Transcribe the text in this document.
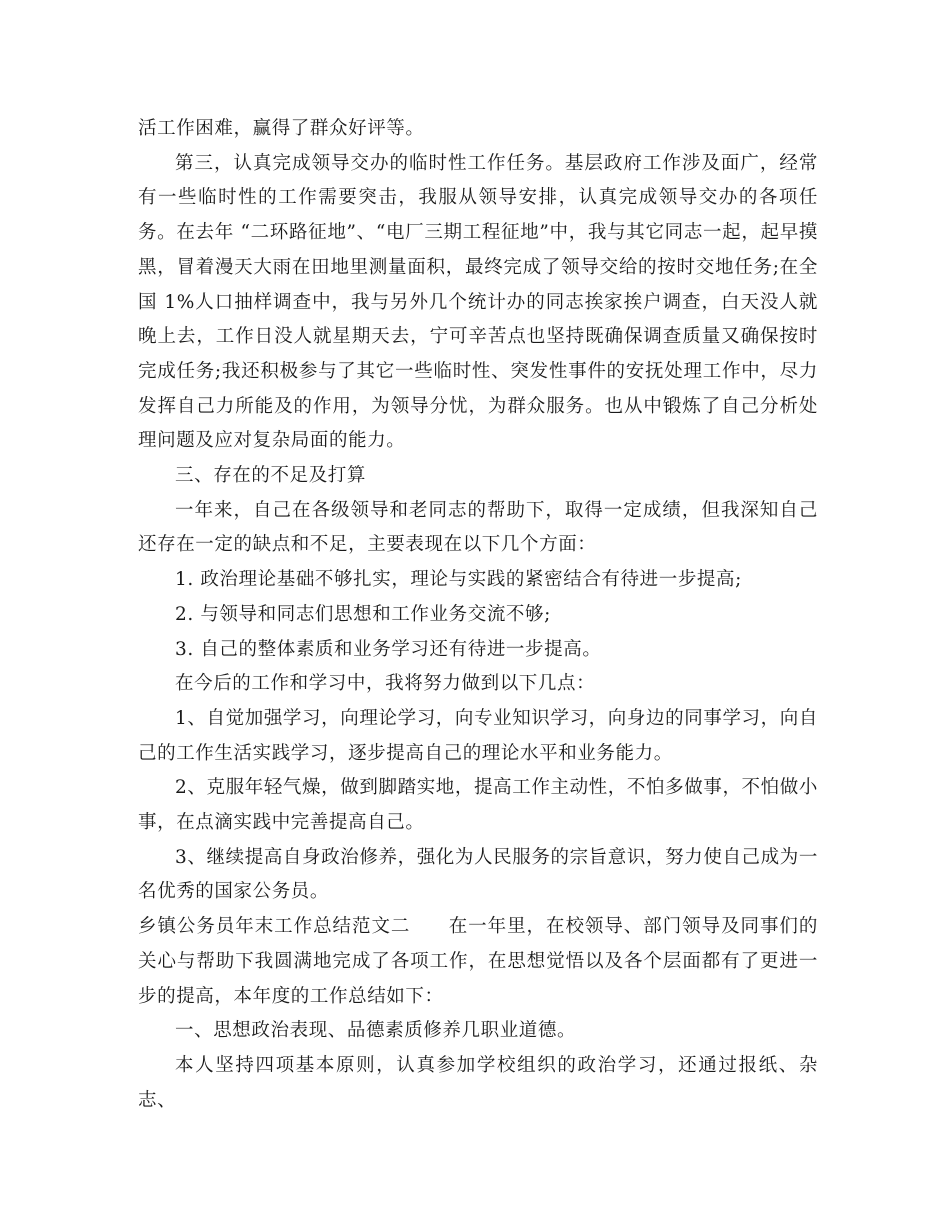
活工作困难，赢得了群众好评等。

第三，认真完成领导交办的临时性工作任务。基层政府工作涉及面广，经常有一些临时性的工作需要突击，我服从领导安排，认真完成领导交办的各项任务。在去年 “二环路征地”、“电厂三期工程征地”中，我与其它同志一起，起早摸黑，冒着漫天大雨在田地里测量面积，最终完成了领导交给的按时交地任务;在全国 1%人口抽样调查中，我与另外几个统计办的同志挨家挨户调查，白天没人就晚上去，工作日没人就星期天去，宁可辛苦点也坚持既确保调查质量又确保按时完成任务;我还积极参与了其它一些临时性、突发性事件的安抚处理工作中，尽力发挥自己力所能及的作用，为领导分忧，为群众服务。也从中锻炼了自己分析处理问题及应对复杂局面的能力。

三、存在的不足及打算

一年来，自己在各级领导和老同志的帮助下，取得一定成绩，但我深知自己还存在一定的缺点和不足，主要表现在以下几个方面：

1. 政治理论基础不够扎实，理论与实践的紧密结合有待进一步提高;

2. 与领导和同志们思想和工作业务交流不够;

3. 自己的整体素质和业务学习还有待进一步提高。

在今后的工作和学习中，我将努力做到以下几点：

1、自觉加强学习，向理论学习，向专业知识学习，向身边的同事学习，向自己的工作生活实践学习，逐步提高自己的理论水平和业务能力。

2、克服年轻气燥，做到脚踏实地，提高工作主动性，不怕多做事，不怕做小事，在点滴实践中完善提高自己。

3、继续提高自身政治修养，强化为人民服务的宗旨意识，努力使自己成为一名优秀的国家公务员。

乡镇公务员年末工作总结范文二 在一年里，在校领导、部门领导及同事们的关心与帮助下我圆满地完成了各项工作，在思想觉悟以及各个层面都有了更进一步的提高，本年度的工作总结如下：

一、思想政治表现、品德素质修养几职业道德。

本人坚持四项基本原则，认真参加学校组织的政治学习，还通过报纸、杂志、
